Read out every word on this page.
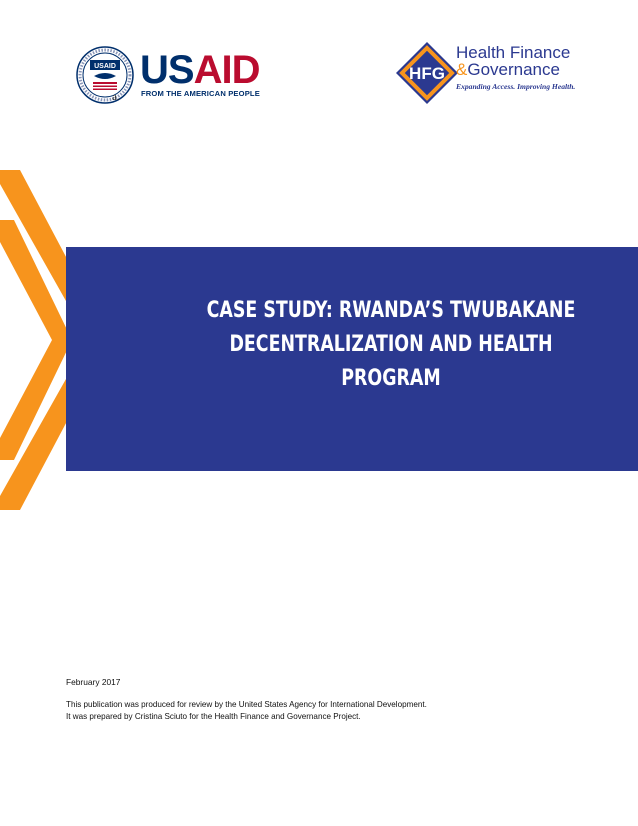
USAID USAID
FROM THE AMERICAN PEOPLE
a.
HFG
Health Finance
&Governance
Expanding Access. Improving Health.
CASE STUDY: RWANDA’S TWUBAKANE DECENTRALIZATION AND HEALTH PROGRAM
February 2017
This publication was produced for review by the United States Agency for International Development.
It was prepared by Cristina Sciuto for the Health Finance and Governance Project.
